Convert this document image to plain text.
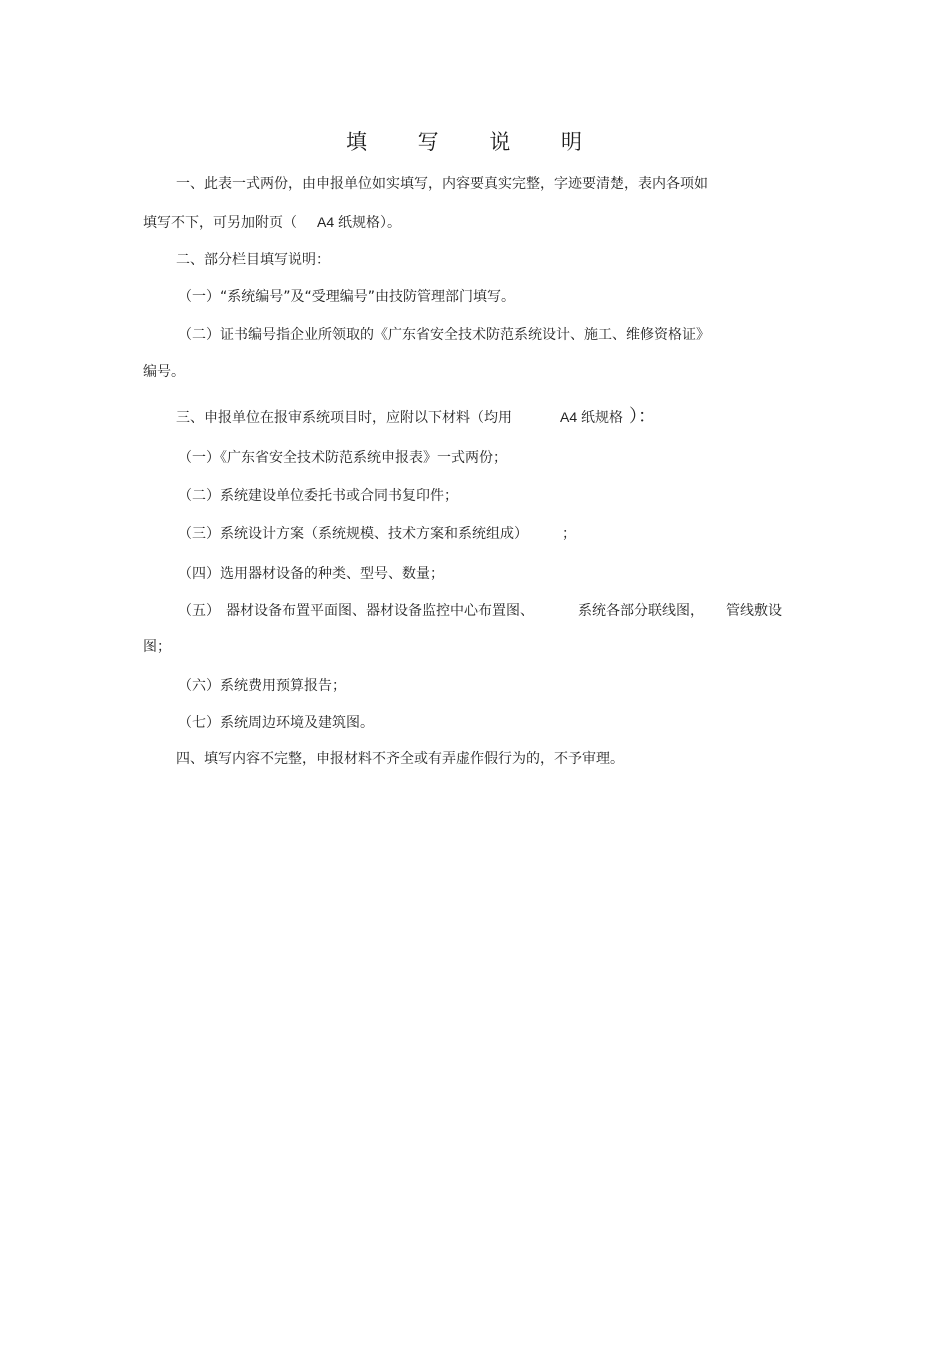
填 写 说 明
一、此表一式两份，由申报单位如实填写，内容要真实完整，字迹要清楚，表内各项如
填写不下，可另加附页（ A4 纸规格）。
二、部分栏目填写说明：
（一）“系统编号”及“受理编号”由技防管理部门填写。
（二）证书编号指企业所领取的《广东省安全技术防范系统设计、施工、维修资格证》
编号。
三、申报单位在报审系统项目时，应附以下材料（均用	A4 纸规格 ）：
（一）《广东省安全技术防范系统申报表》一式两份；
（二）系统建设单位委托书或合同书复印件；
（三）系统设计方案（系统规模、技术方案和系统组成） ；
（四）选用器材设备的种类、型号、数量；
（五） 器材设备布置平面图、器材设备监控中心布置图、	系统各部分联线图， 管线敷设
图；
（六）系统费用预算报告；
（七）系统周边环境及建筑图。
四、填写内容不完整，申报材料不齐全或有弄虚作假行为的，不予审理。
